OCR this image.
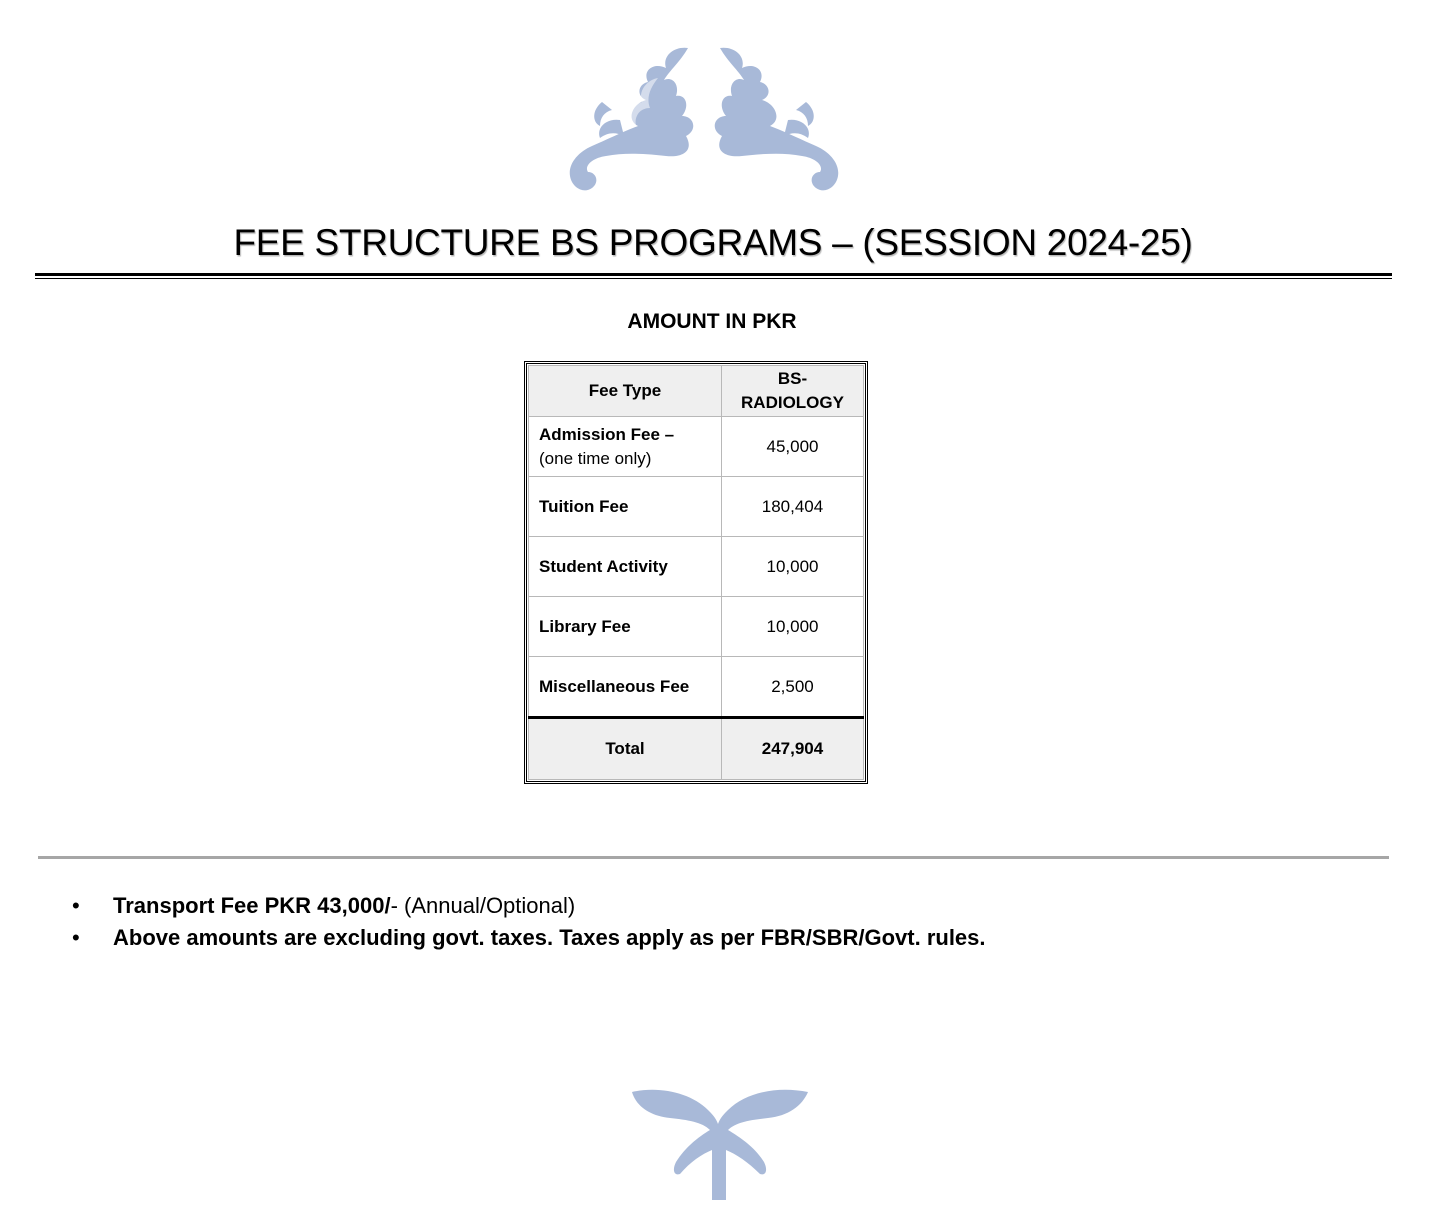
FEE STRUCTURE BS PROGRAMS – (SESSION 2024-25)
AMOUNT IN PKR
Fee Type	BS-
RADIOLOGY

Admission Fee –
(one time only)	45,000
Tuition Fee	180,404
Student Activity	10,000
Library Fee	10,000
Miscellaneous Fee	2,500
Total	247,904
• Transport Fee PKR 43,000/- (Annual/Optional)
• Above amounts are excluding govt. taxes. Taxes apply as per FBR/SBR/Govt. rules.
